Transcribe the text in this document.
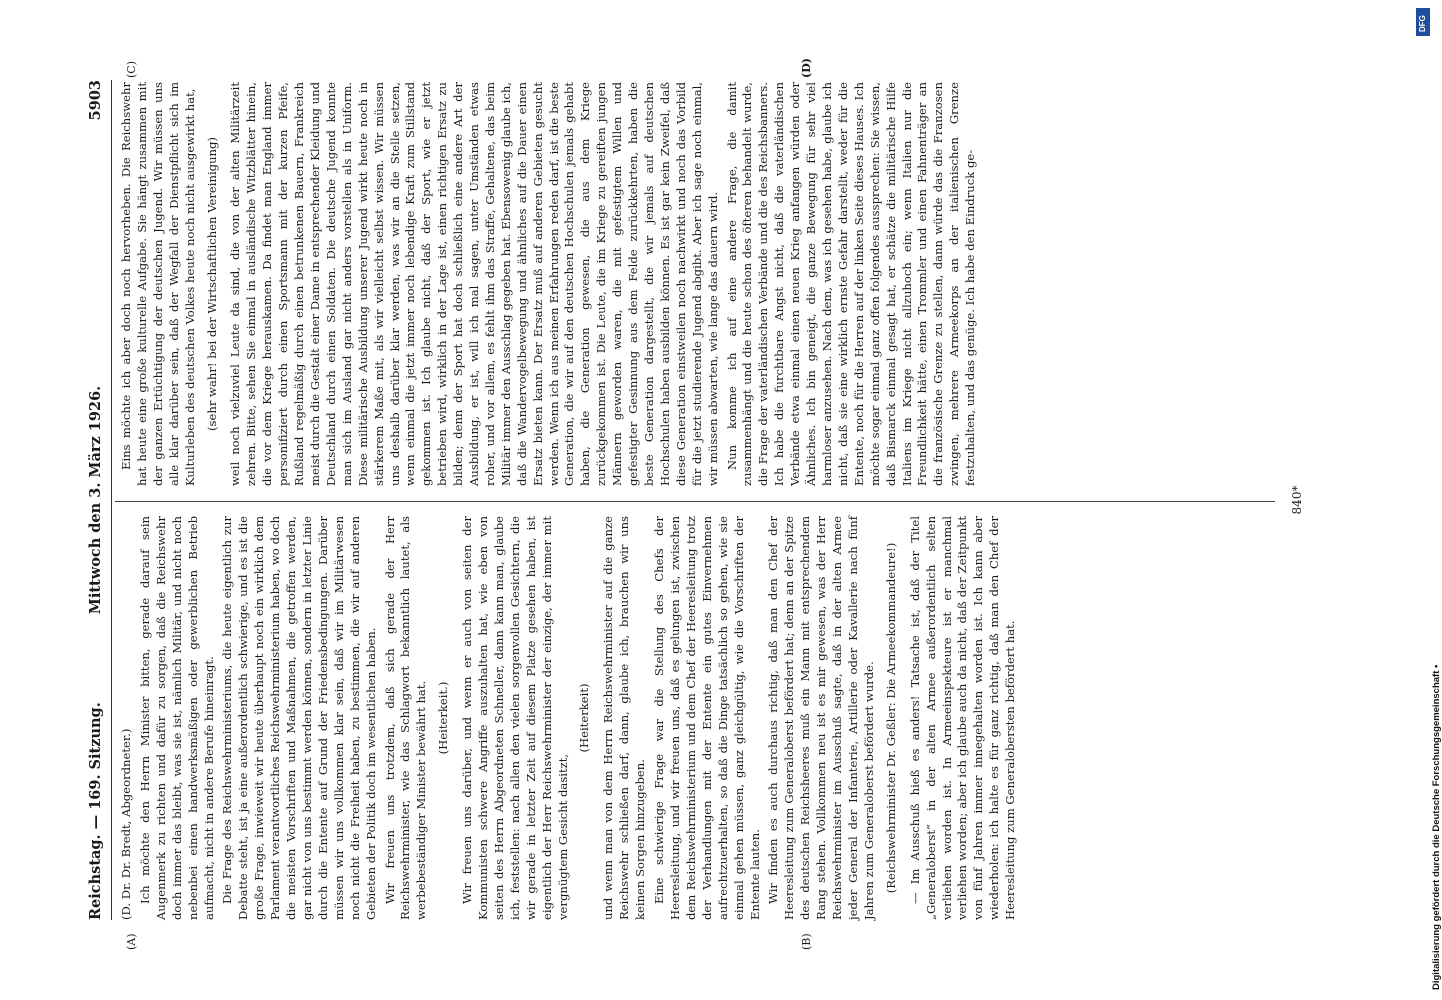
Reichstag. — 169. Sitzung.
Mittwoch den 3. März 1926.
5903

(D. Dr. Dr. Bredt, Abgeordneter.) Ich möchte den Herrn Minister bitten, gerade darauf sein Augenmerk zu richten und dafür zu sorgen, daß die Reichswehr doch immer das bleibt, was sie ist, nämlich Militär, und nicht noch nebenbei einen handwerksmäßigen oder gewerblichen Betrieb aufmacht, nicht in andere Berufe hineinragt. Die Frage des Reichswehrministeriums, die heute eigentlich zur Debatte steht, ist ja eine außerordentlich schwierige, und es ist die große Frage, inwieweit wir heute überhaupt noch ein wirklich dem Parlament verantwortliches Reichswehrministerium haben, wo doch die meisten Vorschriften und Maßnahmen, die getroffen werden, gar nicht von uns bestimmt werden können, sondern in letzter Linie durch die Entente auf Grund der Friedensbedingungen. Darüber müssen wir uns vollkommen klar sein, daß wir im Militärwesen noch nicht die Freiheit haben, zu bestimmen, die wir auf anderen Gebieten der Politik doch im wesentlichen haben. Wir freuen uns trotzdem, daß sich gerade der Herr Reichswehrminister, wie das Schlagwort bekanntlich lautet, als werbebeständiger Minister bewährt hat. (Heiterkeit.) Wir freuen uns darüber, und wenn er auch von seiten der Kommunisten schwere Angriffe auszuhalten hat, wie eben von seiten des Herrn Abgeordneten Schneller, dann kann man, glaube ich, feststellen: nach allen den vielen sorgenvollen Gesichtern, die wir gerade in letzter Zeit auf diesem Platze gesehen haben, ist eigentlich der Herr Reichswehrminister der einzige, der immer mit vergnügtem Gesicht dasitzt,

(Heiterkeit) und wenn man von dem Herrn Reichswehrminister auf die ganze Reichswehr schließen darf, dann, glaube ich, brauchen wir uns keinen Sorgen hinzugeben. Eine schwierige Frage war die Stellung des Chefs der Heeresleitung, und wir freuen uns, daß es gelungen ist, zwischen dem Reichswehrministerium und dem Chef der Heeresleitung trotz der Verhandlungen mit der Entente ein gutes Einvernehmen aufrechtzuerhalten, so daß die Dinge tatsächlich so gehen, wie sie einmal gehen müssen, ganz gleichgültig, wie die Vorschriften der Entente lauten. Wir finden es auch durchaus richtig, daß man den Chef der Heeresleitung zum Generaloberst befördert hat; denn an der Spitze des deutschen Reichsheeres muß ein Mann mit entsprechendem Rang stehen. Vollkommen neu ist es mir gewesen, was der Herr Reichswehrminister im Ausschuß sagte, daß in der alten Armee jeder General der Infanterie, Artillerie oder Kavallerie nach fünf Jahren zum Generaloberst befördert wurde. (Reichswehrminister Dr. Geßler: Die Armeekommandeure!) — Im Ausschuß hieß es anders! Tatsache ist, daß der Titel „Generaloberst“ in der alten Armee außerordentlich selten verliehen worden ist. In Armeeinspekteure ist er manchmal verliehen worden; aber ich glaube auch da nicht, daß der Zeitpunkt von fünf Jahren immer innegehalten worden ist. Ich kann aber wiederholen: ich halte es für ganz richtig, daß man den Chef der Heeresleitung zum Generalobersten befördert hat.

Eins möchte ich aber doch noch hervorheben. Die Reichswehr hat heute eine große kulturelle Aufgabe. Sie hängt zusammen mit der ganzen Ertüchtigung der deutschen Jugend. Wir müssen uns alle klar darüber sein, daß der Wegfall der Dienstpflicht sich im Kulturleben des deutschen Volkes heute noch nicht ausgewirkt hat, (sehr wahr! bei der Wirtschaftlichen Vereinigung) weil noch vielzuviel Leute da sind, die von der alten Militärzeit zehren. Bitte, sehen Sie einmal in ausländische Witzblätter hinein, die vor dem Kriege herauskamen. Da findet man England immer personifiziert durch einen Sportsmann mit der kurzen Pfeife, Rußland regelmäßig durch einen betrunkenen Bauern, Frankreich meist durch die Gestalt einer Dame in entsprechender Kleidung und Deutschland durch einen Soldaten. Die deutsche Jugend konnte man sich im Ausland gar nicht anders vorstellen als in Uniform. Diese militärische Ausbildung unserer Jugend wirkt heute noch in stärkerem Maße mit, als wir vielleicht selbst wissen. Wir müssen uns deshalb darüber klar werden, was wir an die Stelle setzen, wenn einmal die jetzt immer noch lebendige Kraft zum Stillstand gekommen ist. Ich glaube nicht, daß der Sport, wie er jetzt betrieben wird, wirklich in der Lage ist, einen richtigen Ersatz zu bilden; denn der Sport hat doch schließlich eine andere Art der Ausbildung, er ist, will ich mal sagen, unter Umständen etwas roher, und vor allem, es fehlt ihm das Straffe, Gehaltene, das beim Militär immer den Ausschlag gegeben hat. Ebensowenig glaube ich, daß die Wandervogelbewegung und ähnliches auf die Dauer einen Ersatz bieten kann. Der Ersatz muß auf anderen Gebieten gesucht werden. Wenn ich aus meinen Erfahrungen reden darf, ist die beste Generation, die wir auf den deutschen Hochschulen jemals gehabt haben, die Generation gewesen, die aus dem Kriege zurückgekommen ist. Die Leute, die im Kriege zu gereiften jungen Männern geworden waren, die mit gefestigtem Willen und gefestigter Gesinnung aus dem Felde zurückkehrten, haben die beste Generation dargestellt, die wir jemals auf deutschen Hochschulen haben ausbilden können. Es ist gar kein Zweifel, daß diese Generation einstweilen noch nachwirkt und noch das Vorbild für die jetzt studierende Jugend abgibt. Aber ich sage noch einmal, wir müssen abwarten, wie lange das dauern wird. Nun komme ich auf eine andere Frage, die damit zusammenhängt und die heute schon des öfteren behandelt wurde, die Frage der vaterländischen Verbände und die des Reichsbanners. Ich habe die furchtbare Angst nicht, daß die vaterländischen Verbände etwa einmal einen neuen Krieg anfangen würden oder Ähnliches. Ich bin geneigt, die ganze Bewegung für sehr viel harmloser anzusehen. Nach dem, was ich gesehen habe, glaube ich nicht, daß sie eine wirklich ernste Gefahr darstellt, weder für die Entente, noch für die Herren auf der linken Seite dieses Hauses. Ich möchte sogar einmal ganz offen folgendes aussprechen: Sie wissen, daß Bismarck einmal gesagt hat, er schätze die militärische Hilfe Italiens im Kriege nicht allzuhoch ein; wenn Italien nur die Freundlichkeit hätte, einen Trommler und einen Fahnenträger an die französische Grenze zu stellen, dann würde das die Franzosen zwingen, mehrere Armeekorps an der italienischen Grenze festzuhalten, und das genüge. Ich habe den Eindruck ge-

(A)	(B)
(C)	(D)
840*
Digitalisierung gefördert durch die Deutsche Forschungsgemeinschaft •
DFG
